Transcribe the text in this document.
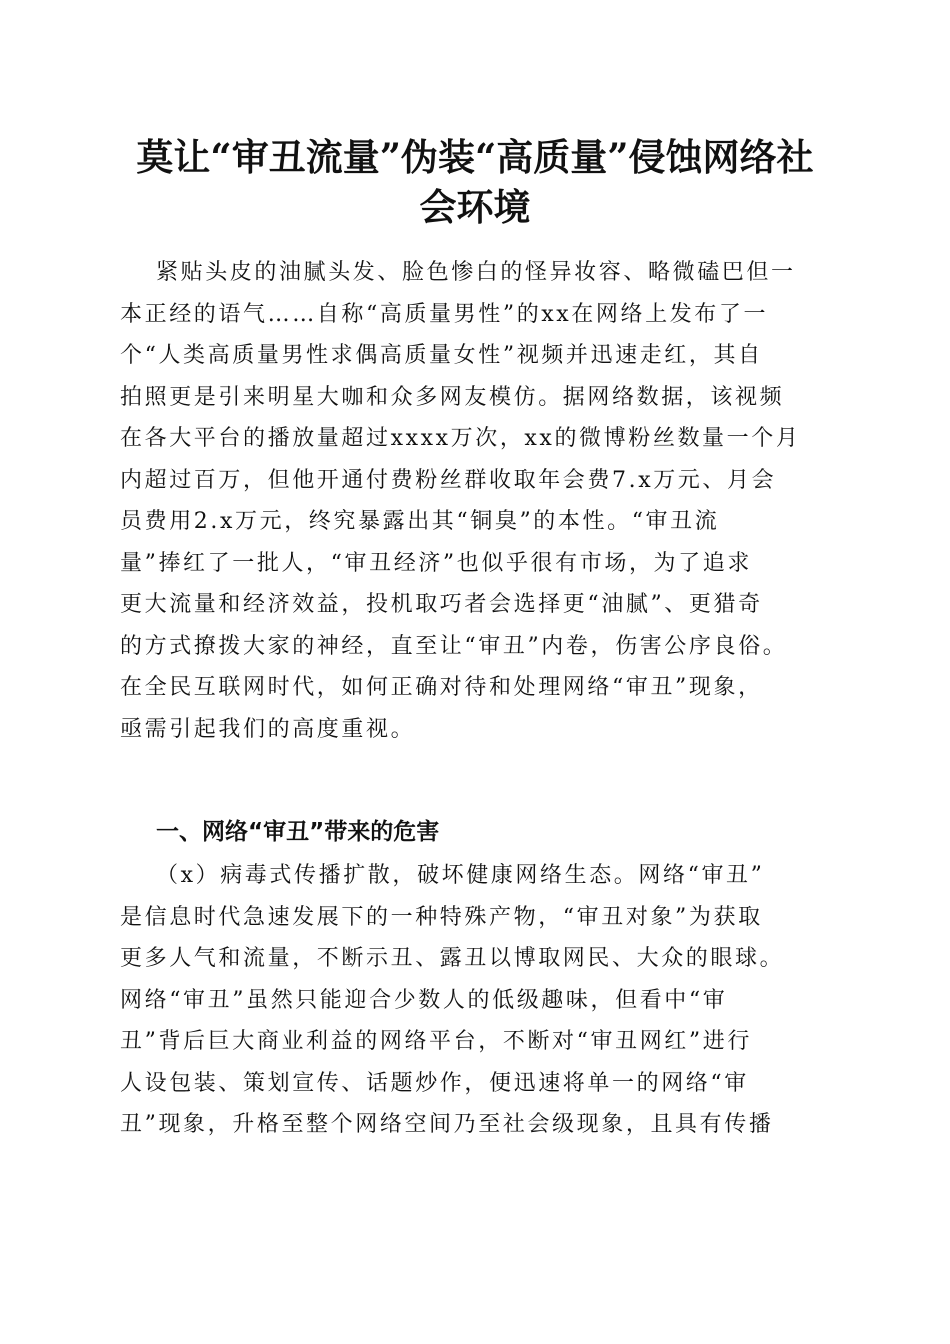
莫让“审丑流量”伪装“高质量”侵蚀网络社
会环境
紧贴头皮的油腻头发、脸色惨白的怪异妆容、略微磕巴但一
本正经的语气……自称“高质量男性”的xx在网络上发布了一
个“人类高质量男性求偶高质量女性”视频并迅速走红，其自
拍照更是引来明星大咖和众多网友模仿。据网络数据，该视频
在各大平台的播放量超过xxxx万次，xx的微博粉丝数量一个月
内超过百万，但他开通付费粉丝群收取年会费7.x万元、月会
员费用2.x万元，终究暴露出其“铜臭”的本性。“审丑流
量”捧红了一批人，“审丑经济”也似乎很有市场，为了追求
更大流量和经济效益，投机取巧者会选择更“油腻”、更猎奇
的方式撩拨大家的神经，直至让“审丑”内卷，伤害公序良俗。
在全民互联网时代，如何正确对待和处理网络“审丑”现象，
亟需引起我们的高度重视。
一、网络“审丑”带来的危害
（x）病毒式传播扩散，破坏健康网络生态。网络“审丑”
是信息时代急速发展下的一种特殊产物，“审丑对象”为获取
更多人气和流量，不断示丑、露丑以博取网民、大众的眼球。
网络“审丑”虽然只能迎合少数人的低级趣味，但看中“审
丑”背后巨大商业利益的网络平台，不断对“审丑网红”进行
人设包装、策划宣传、话题炒作，便迅速将单一的网络“审
丑”现象，升格至整个网络空间乃至社会级现象，且具有传播
